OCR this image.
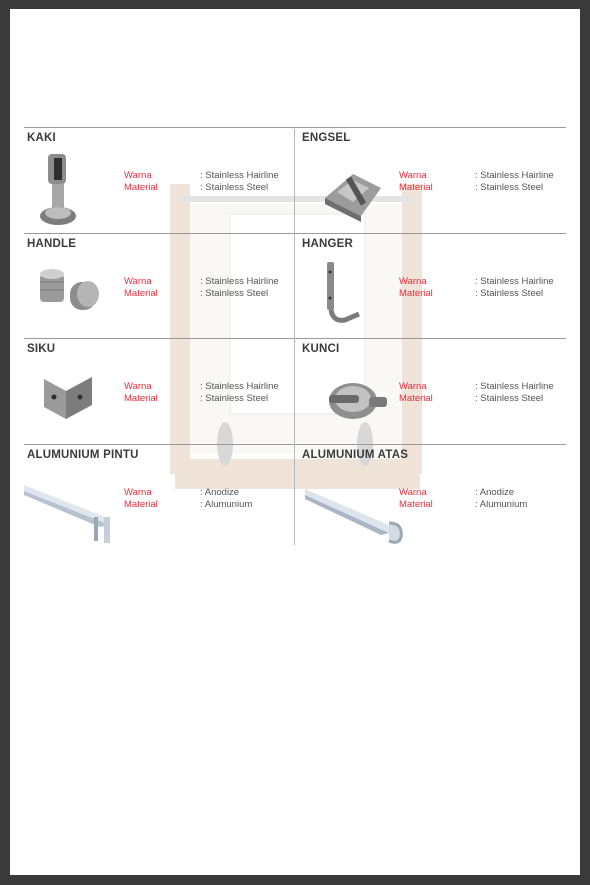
KAKI
Warna	: Stainless Hairline
Material	: Stainless Steel
ENGSEL
Warna	: Stainless Hairline
Material	: Stainless Steel
HANDLE
Warna	: Stainless Hairline
Material	: Stainless Steel
HANGER
Warna	: Stainless Hairline
Material	: Stainless Steel
SIKU
Warna	: Stainless Hairline
Material	: Stainless Steel
KUNCI
Warna	: Stainless Hairline
Material	: Stainless Steel
ALUMUNIUM PINTU
Warna	: Anodize
Material	: Alumunium
ALUMUNIUM ATAS
Warna	: Anodize
Material	: Alumunium
